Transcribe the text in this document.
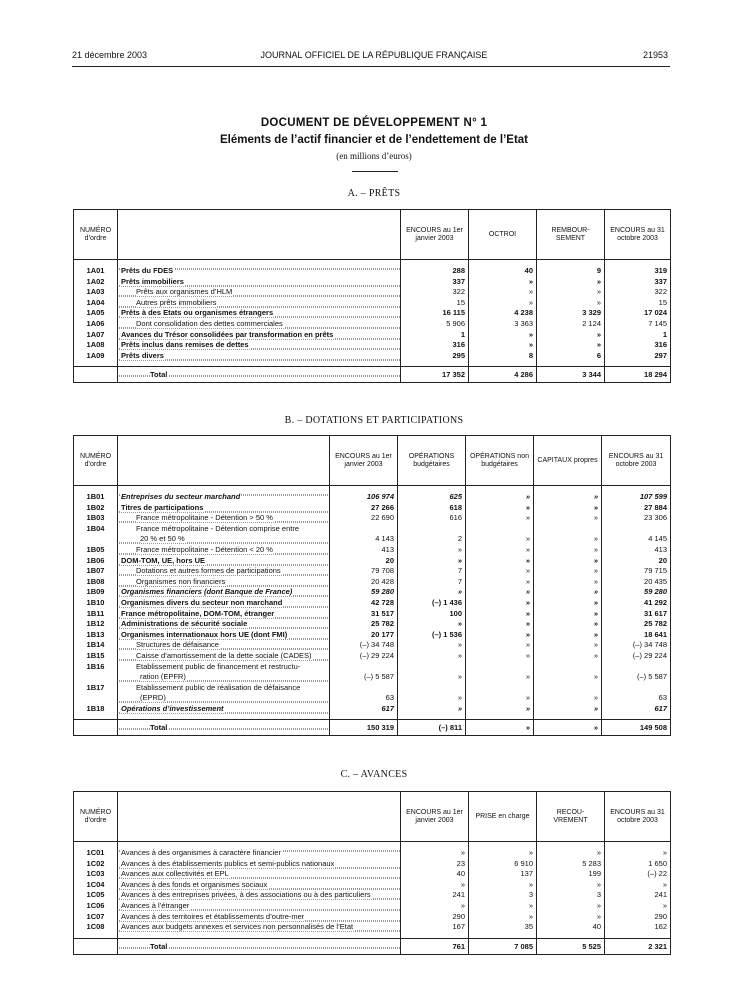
21 décembre 2003	JOURNAL OFFICIEL DE LA RÉPUBLIQUE FRANÇAISE	21953
DOCUMENT DE DÉVELOPPEMENT N° 1
Eléments de l’actif financier et de l’endettement de l’Etat
(en millions d’euros)
A. – PRÊTS
NUMÉRO d’ordre		ENCOURS au 1er janvier 2003	OCTROI	REMBOUR-SEMENT	ENCOURS au 31 octobre 2003
1A01	Prêts du FDES	288	40	9	319
1A02	Prêts immobiliers	337	»	»	337
1A03	Prêts aux organismes d’HLM	322	»	»	322
1A04	Autres prêts immobiliers	15	»	»	15
1A05	Prêts à des Etats ou organismes étrangers	16 115	4 238	3 329	17 024
1A06	Dont consolidation des dettes commerciales	5 906	3 363	2 124	7 145
1A07	Avances du Trésor consolidées par transformation en prêts	1	»	»	1
1A08	Prêts inclus dans remises de dettes	316	»	»	316
1A09	Prêts divers	295	8	6	297

	Total	17 352	4 286	3 344	18 294
B. – DOTATIONS ET PARTICIPATIONS
NUMÉRO d’ordre		ENCOURS au 1er janvier 2003	OPÉRATIONS budgétaires	OPÉRATIONS non budgétaires	CAPITAUX propres	ENCOURS au 31 octobre 2003
1B01	Entreprises du secteur marchand	106 974	625	»	»	107 599
1B02	Titres de participations	27 266	618	»	»	27 884
1B03	France métropolitaine - Détention > 50 %	22 690	616	»	»	23 306
1B04	France métropolitaine - Détention comprise entre					
	20 % et 50 %	4 143	2	»	»	4 145
1B05	France métropolitaine - Détention < 20 %	413	»	»	»	413
1B06	DOM-TOM, UE, hors UE	20	»	»	»	20
1B07	Dotations et autres formes de participations	79 708	7	»	»	79 715
1B08	Organismes non financiers	20 428	7	»	»	20 435
1B09	Organismes financiers (dont Banque de France)	59 280	»	»	»	59 280
1B10	Organismes divers du secteur non marchand	42 728	(–) 1 436	»	»	41 292
1B11	France métropolitaine, DOM-TOM, étranger	31 517	100	»	»	31 617
1B12	Administrations de sécurité sociale	25 782	»	»	»	25 782
1B13	Organismes internationaux hors UE (dont FMI)	20 177	(–) 1 536	»	»	18 641
1B14	Structures de défaisance	(–) 34 748	»	»	»	(–) 34 748
1B15	Caisse d’amortissement de la dette sociale (CADES)	(–) 29 224	»	»	»	(–) 29 224
1B16	Etablissement public de financement et restructu-					
	ration (EPFR)	(–) 5 587	»	»	»	(–) 5 587
1B17	Etablissement public de réalisation de défaisance					
	(EPRD)	63	»	»	»	63
1B18	Opérations d’investissement	617	»	»	»	617

	Total	150 319	(–) 811	»	»	149 508
C. – AVANCES
NUMÉRO d’ordre		ENCOURS au 1er janvier 2003	PRISE en charge	RECOU-VREMENT	ENCOURS au 31 octobre 2003
1C01	Avances à des organismes à caractère financier	»	»	»	»
1C02	Avances à des établissements publics et semi-publics nationaux	23	6 910	5 283	1 650
1C03	Avances aux collectivités et EPL	40	137	199	(–) 22
1C04	Avances à des fonds et organismes sociaux	»	»	»	»
1C05	Avances à des entreprises privées, à des associations ou à des particuliers	241	3	3	241
1C06	Avances à l’étranger	»	»	»	»
1C07	Avances à des territoires et établissements d’outre-mer	290	»	»	290
1C08	Avances aux budgets annexes et services non personnalisés de l’Etat	167	35	40	162

	Total	761	7 085	5 525	2 321
